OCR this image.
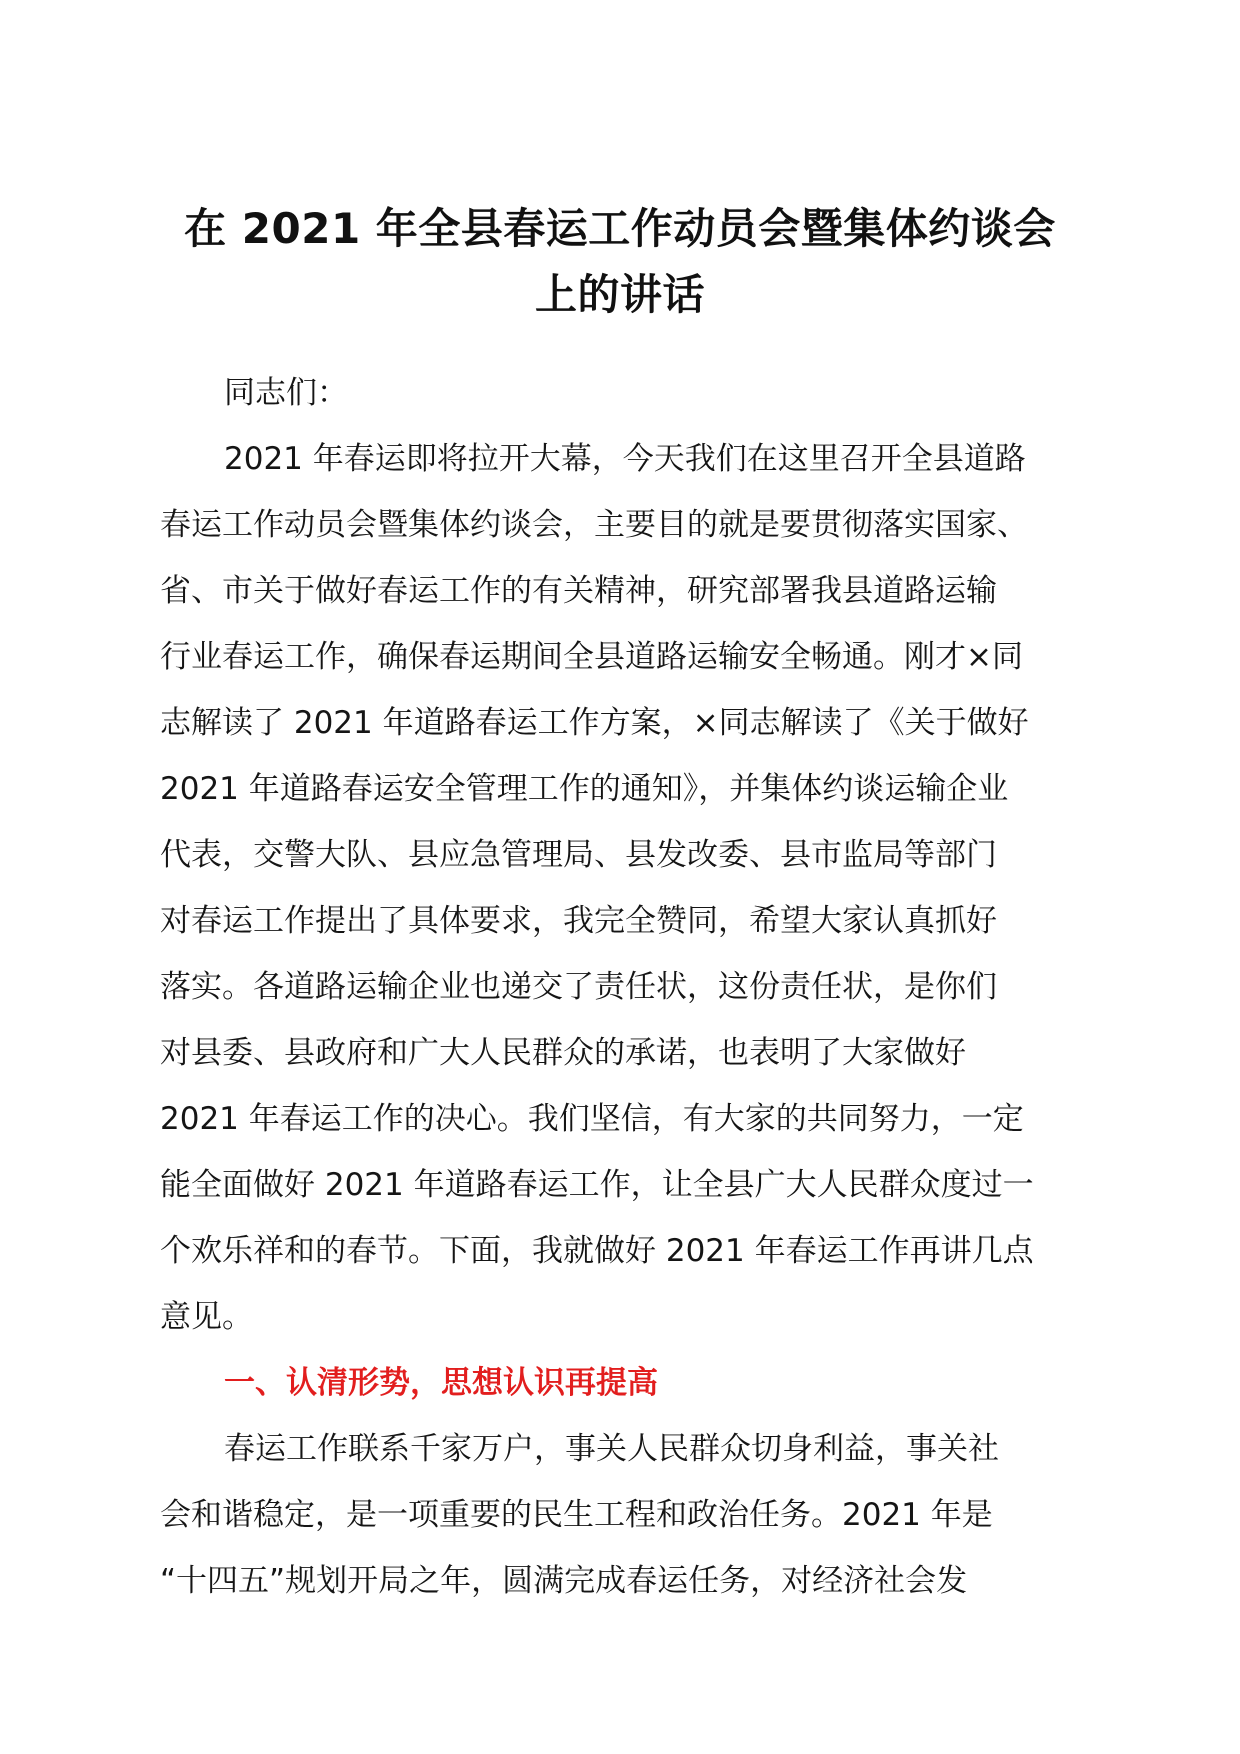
在 2021 年全县春运工作动员会暨集体约谈会
上的讲话

同志们：

2021 年春运即将拉开大幕，今天我们在这里召开全县道路
春运工作动员会暨集体约谈会，主要目的就是要贯彻落实国家、
省、市关于做好春运工作的有关精神，研究部署我县道路运输
行业春运工作，确保春运期间全县道路运输安全畅通。刚才×同
志解读了 2021 年道路春运工作方案，×同志解读了《关于做好
2021 年道路春运安全管理工作的通知》，并集体约谈运输企业
代表，交警大队、县应急管理局、县发改委、县市监局等部门
对春运工作提出了具体要求，我完全赞同，希望大家认真抓好
落实。各道路运输企业也递交了责任状，这份责任状，是你们
对县委、县政府和广大人民群众的承诺，也表明了大家做好
2021 年春运工作的决心。我们坚信，有大家的共同努力，一定
能全面做好 2021 年道路春运工作，让全县广大人民群众度过一
个欢乐祥和的春节。下面，我就做好 2021 年春运工作再讲几点
意见。

一、认清形势，思想认识再提高

春运工作联系千家万户，事关人民群众切身利益，事关社
会和谐稳定，是一项重要的民生工程和政治任务。2021 年是
“十四五”规划开局之年，圆满完成春运任务，对经济社会发
